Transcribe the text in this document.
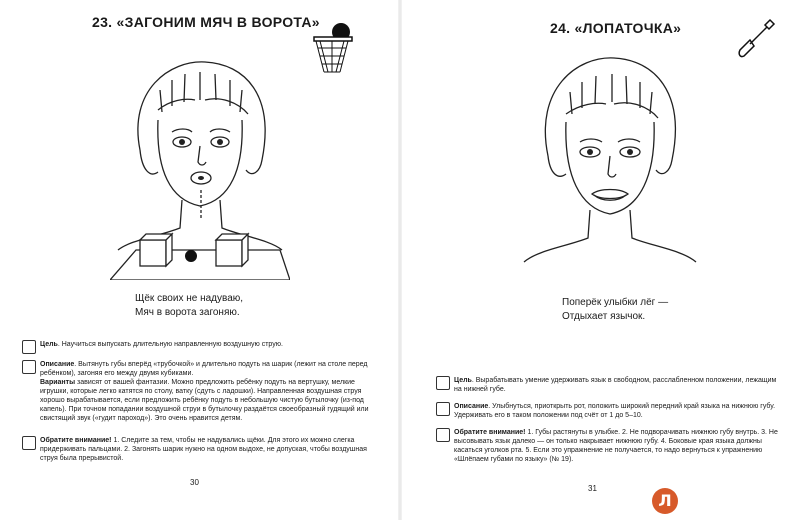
23. «ЗАГОНИМ МЯЧ В ВОРОТА»
Щёк своих не надуваю,
Мяч в ворота загоняю.
Цель. Научиться выпускать длительную направленную воздушную струю.
Описание. Вытянуть губы вперёд «трубочкой» и длительно подуть на шарик (лежит на столе перед ребёнком), загоняя его между двумя кубиками.
Варианты зависят от вашей фантазии. Можно предложить ребёнку подуть на вертушку, мелкие игрушки, которые легко катятся по столу, ватку (сдуть с ладошки). Направленная воздушная струя хорошо вырабатывается, если предложить ребёнку подуть в небольшую чистую бутылочку (из-под капель). При точном попадании воздушной струи в бутылочку раздаётся своеобразный гудящий или свистящий звук («гудит пароход»). Это очень нравится детям.
Обратите внимание! 1. Следите за тем, чтобы не надувались щёки. Для этого их можно слегка придерживать пальцами. 2. Загонять шарик нужно на одном выдохе, не допуская, чтобы воздушная струя была прерывистой.
30
24. «ЛОПАТОЧКА»
Поперёк улыбки лёг —
Отдыхает язычок.
Цель. Вырабатывать умение удерживать язык в свободном, расслабленном положении, лежащим на нижней губе.
Описание. Улыбнуться, приоткрыть рот, положить широкий передний край языка на нижнюю губу. Удерживать его в таком положении под счёт от 1 до 5–10.
Обратите внимание! 1. Губы растянуты в улыбке. 2. Не подворачивать нижнюю губу внутрь. 3. Не высовывать язык далеко — он только накрывает нижнюю губу. 4. Боковые края языка должны касаться уголков рта. 5. Если это упражнение не получается, то надо вернуться к упражнению «Шлёпаем губами по языку» (№ 19).
31
Л
